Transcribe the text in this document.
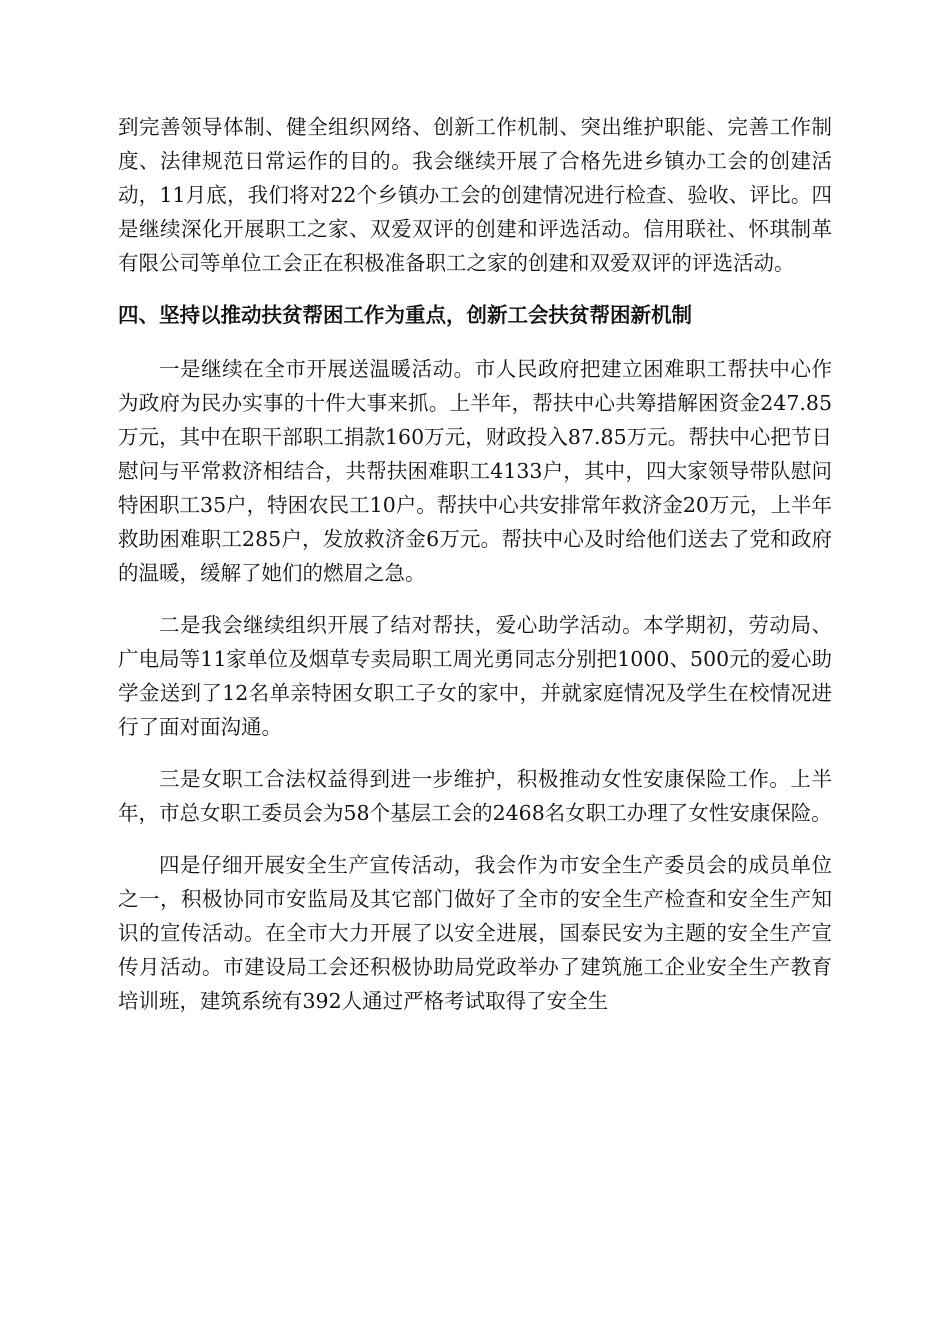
到完善领导体制、健全组织网络、创新工作机制、突出维护职能、完善工作制度、法律规范日常运作的目的。我会继续开展了合格先进乡镇办工会的创建活动，11月底，我们将对22个乡镇办工会的创建情况进行检查、验收、评比。四是继续深化开展职工之家、双爱双评的创建和评选活动。信用联社、怀琪制革有限公司等单位工会正在积极准备职工之家的创建和双爱双评的评选活动。

四、坚持以推动扶贫帮困工作为重点，创新工会扶贫帮困新机制

一是继续在全市开展送温暖活动。市人民政府把建立困难职工帮扶中心作为政府为民办实事的十件大事来抓。上半年，帮扶中心共筹措解困资金247.85万元，其中在职干部职工捐款160万元，财政投入87.85万元。帮扶中心把节日慰问与平常救济相结合，共帮扶困难职工4133户，其中，四大家领导带队慰问特困职工35户，特困农民工10户。帮扶中心共安排常年救济金20万元，上半年救助困难职工285户，发放救济金6万元。帮扶中心及时给他们送去了党和政府的温暖，缓解了她们的燃眉之急。

二是我会继续组织开展了结对帮扶，爱心助学活动。本学期初，劳动局、广电局等11家单位及烟草专卖局职工周光勇同志分别把1000、500元的爱心助学金送到了12名单亲特困女职工子女的家中，并就家庭情况及学生在校情况进行了面对面沟通。

三是女职工合法权益得到进一步维护，积极推动女性安康保险工作。上半年，市总女职工委员会为58个基层工会的2468名女职工办理了女性安康保险。

四是仔细开展安全生产宣传活动，我会作为市安全生产委员会的成员单位之一，积极协同市安监局及其它部门做好了全市的安全生产检查和安全生产知识的宣传活动。在全市大力开展了以安全进展，国泰民安为主题的安全生产宣传月活动。市建设局工会还积极协助局党政举办了建筑施工企业安全生产教育培训班，建筑系统有392人通过严格考试取得了安全生
